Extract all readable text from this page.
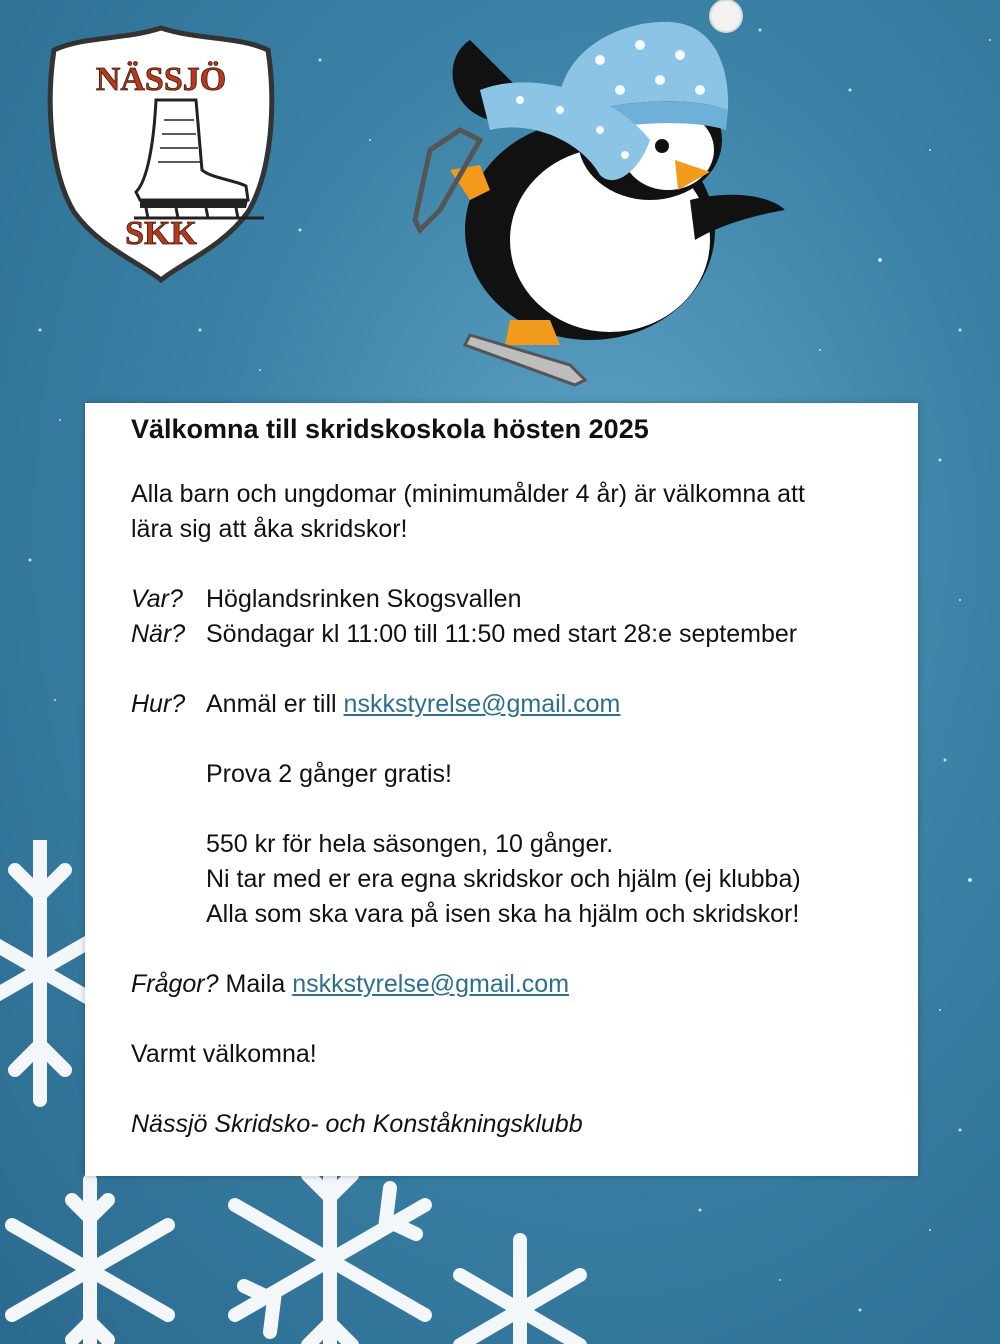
NÄSSJÖ
SKK
Välkomna till skridskoskola hösten 2025
Alla barn och ungdomar (minimumålder 4 år) är välkomna att
lära sig att åka skridskor!
Var? Höglandsrinken Skogsvallen
När? Söndagar kl 11:00 till 11:50 med start 28:e september
Hur? Anmäl er till nskkstyrelse@gmail.com
Prova 2 gånger gratis!
550 kr för hela säsongen, 10 gånger.
Ni tar med er era egna skridskor och hjälm (ej klubba)
Alla som ska vara på isen ska ha hjälm och skridskor!
Frågor? Maila nskkstyrelse@gmail.com
Varmt välkomna!
Nässjö Skridsko- och Konståkningsklubb
